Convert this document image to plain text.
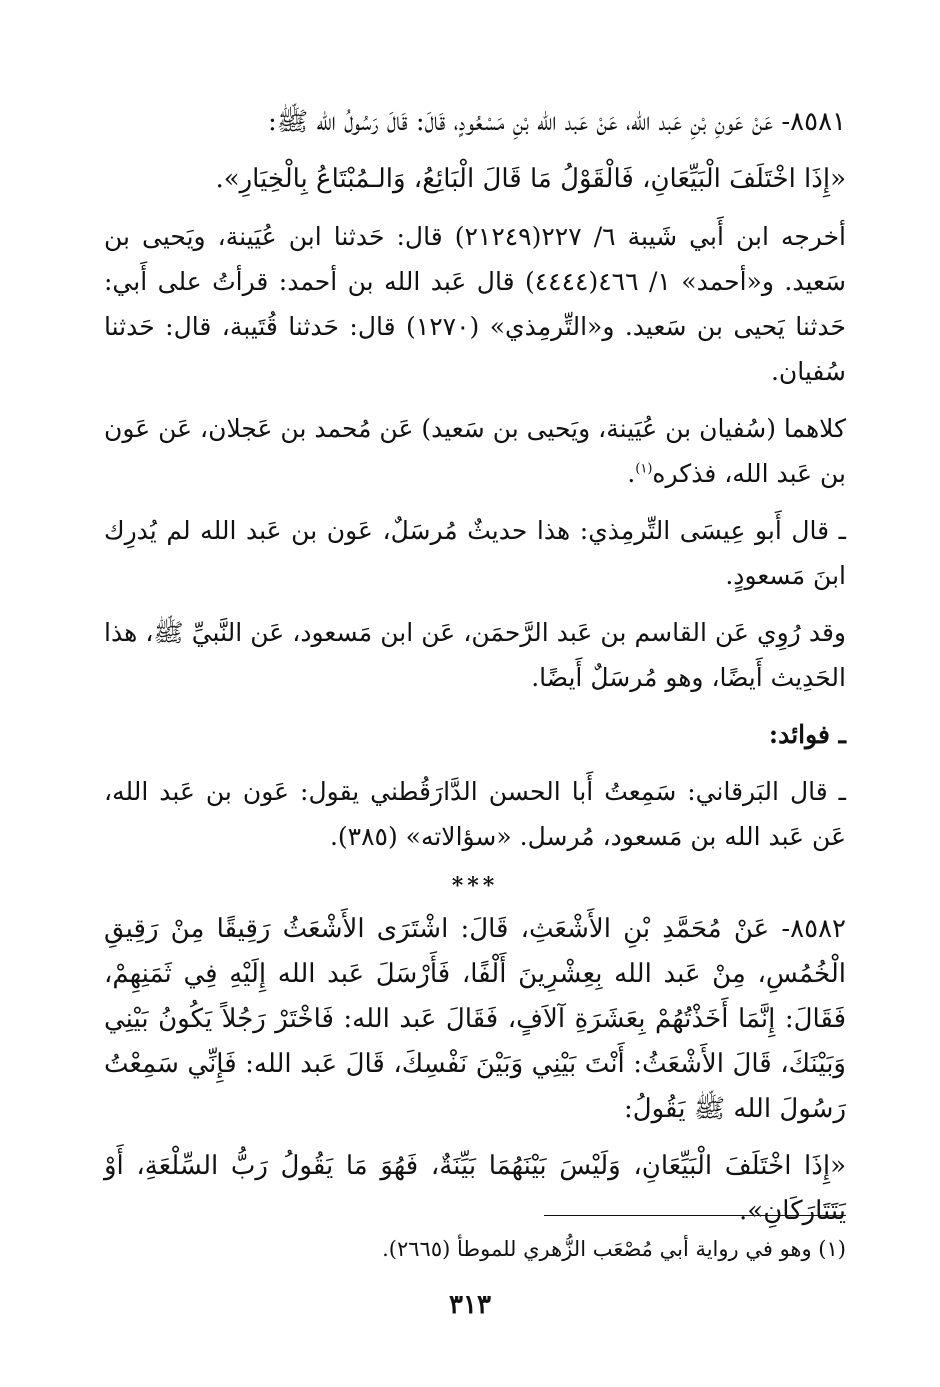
٨٥٨١- عَنْ عَونِ بْنِ عَبد الله، عَنْ عَبد الله بْنِ مَسْعُودٍ، قَالَ: قَالَ رَسُولُ الله ﷺ:

«إِذَا اخْتَلَفَ الْبَيِّعَانِ، فَالْقَوْلُ مَا قَالَ الْبَائِعُ، وَالـمُبْتَاعُ بِالْخِيَارِ».

أخرجه ابن أَبي شَيبة ٦/ ٢٢٧(٢١٢٤٩) قال: حَدثنا ابن عُيَينة، ويَحيى بن سَعيد. و«أحمد» ١/ ٤٦٦(٤٤٤٤) قال عَبد الله بن أحمد: قرأتُ على أَبي: حَدثنا يَحيى بن سَعيد. و«التِّرمِذي» (١٢٧٠) قال: حَدثنا قُتَيبة، قال: حَدثنا سُفيان.

كلاهما (سُفيان بن عُيَينة، ويَحيى بن سَعيد) عَن مُحمد بن عَجلان، عَن عَون بن عَبد الله، فذكره$^{(١)}$.

ـ قال أَبو عِيسَى التِّرمِذي: هذا حديثٌ مُرسَلٌ، عَون بن عَبد الله لم يُدرِك ابنَ مَسعودٍ.

وقد رُوِي عَن القاسم بن عَبد الرَّحمَن، عَن ابن مَسعود، عَن النَّبيِّ ﷺ، هذا الحَدِيث أَيضًا، وهو مُرسَلٌ أَيضًا.

ـ فوائد:

ـ قال البَرقاني: سَمِعتُ أَبا الحسن الدَّارَقُطني يقول: عَون بن عَبد الله، عَن عَبد الله بن مَسعود، مُرسل. «سؤالاته» (٣٨٥).

***

٨٥٨٢- عَنْ مُحَمَّدِ بْنِ الأَشْعَثِ، قَالَ: اشْتَرَى الأَشْعَثُ رَقِيقًا مِنْ رَقِيقِ الْخُمُسِ، مِنْ عَبد الله بِعِشْرِينَ أَلْفًا، فَأَرْسَلَ عَبد الله إِلَيْهِ فِي ثَمَنِهِمْ، فَقَالَ: إِنَّمَا أَخَذْتُهُمْ بِعَشَرَةِ آلاَفٍ، فَقَالَ عَبد الله: فَاخْتَرْ رَجُلاً يَكُونُ بَيْنِي وَبَيْنَكَ، قَالَ الأَشْعَثُ: أَنْتَ بَيْنِي وَبَيْنَ نَفْسِكَ، قَالَ عَبد الله: فَإِنِّي سَمِعْتُ رَسُولَ الله ﷺ يَقُولُ:

«إِذَا اخْتَلَفَ الْبَيِّعَانِ، وَلَيْسَ بَيْنَهُمَا بَيِّنَةٌ، فَهُوَ مَا يَقُولُ رَبُّ السِّلْعَةِ، أَوْ يَتَتَارَكَانِ».

(١) وهو في رواية أبي مُصْعَب الزُّهري للموطأ (٢٦٦٥).
٣١٣
